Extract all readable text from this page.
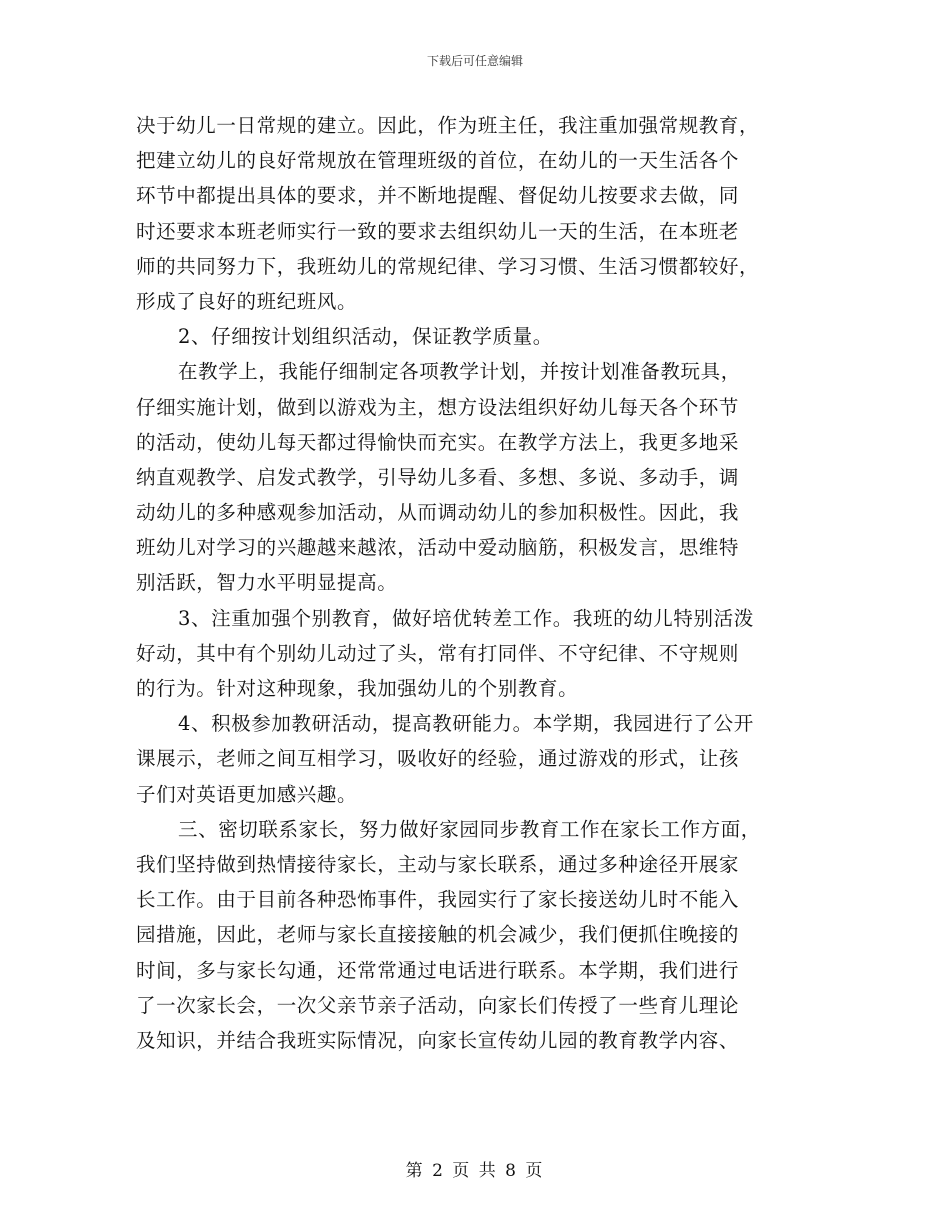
下载后可任意编辑
决于幼儿一日常规的建立。因此，作为班主任，我注重加强常规教育，
把建立幼儿的良好常规放在管理班级的首位，在幼儿的一天生活各个
环节中都提出具体的要求，并不断地提醒、督促幼儿按要求去做，同
时还要求本班老师实行一致的要求去组织幼儿一天的生活，在本班老
师的共同努力下，我班幼儿的常规纪律、学习习惯、生活习惯都较好，
形成了良好的班纪班风。
2、仔细按计划组织活动，保证教学质量。
在教学上，我能仔细制定各项教学计划，并按计划准备教玩具，
仔细实施计划，做到以游戏为主，想方设法组织好幼儿每天各个环节
的活动，使幼儿每天都过得愉快而充实。在教学方法上，我更多地采
纳直观教学、启发式教学，引导幼儿多看、多想、多说、多动手，调
动幼儿的多种感观参加活动，从而调动幼儿的参加积极性。因此，我
班幼儿对学习的兴趣越来越浓，活动中爱动脑筋，积极发言，思维特
别活跃，智力水平明显提高。
3、注重加强个别教育，做好培优转差工作。我班的幼儿特别活泼
好动，其中有个别幼儿动过了头，常有打同伴、不守纪律、不守规则
的行为。针对这种现象，我加强幼儿的个别教育。
4、积极参加教研活动，提高教研能力。本学期，我园进行了公开
课展示，老师之间互相学习，吸收好的经验，通过游戏的形式，让孩
子们对英语更加感兴趣。
三、密切联系家长，努力做好家园同步教育工作在家长工作方面，
我们坚持做到热情接待家长，主动与家长联系，通过多种途径开展家
长工作。由于目前各种恐怖事件，我园实行了家长接送幼儿时不能入
园措施，因此，老师与家长直接接触的机会减少，我们便抓住晚接的
时间，多与家长勾通，还常常通过电话进行联系。本学期，我们进行
了一次家长会，一次父亲节亲子活动，向家长们传授了一些育儿理论
及知识，并结合我班实际情况，向家长宣传幼儿园的教育教学内容、
第 2 页 共 8 页
